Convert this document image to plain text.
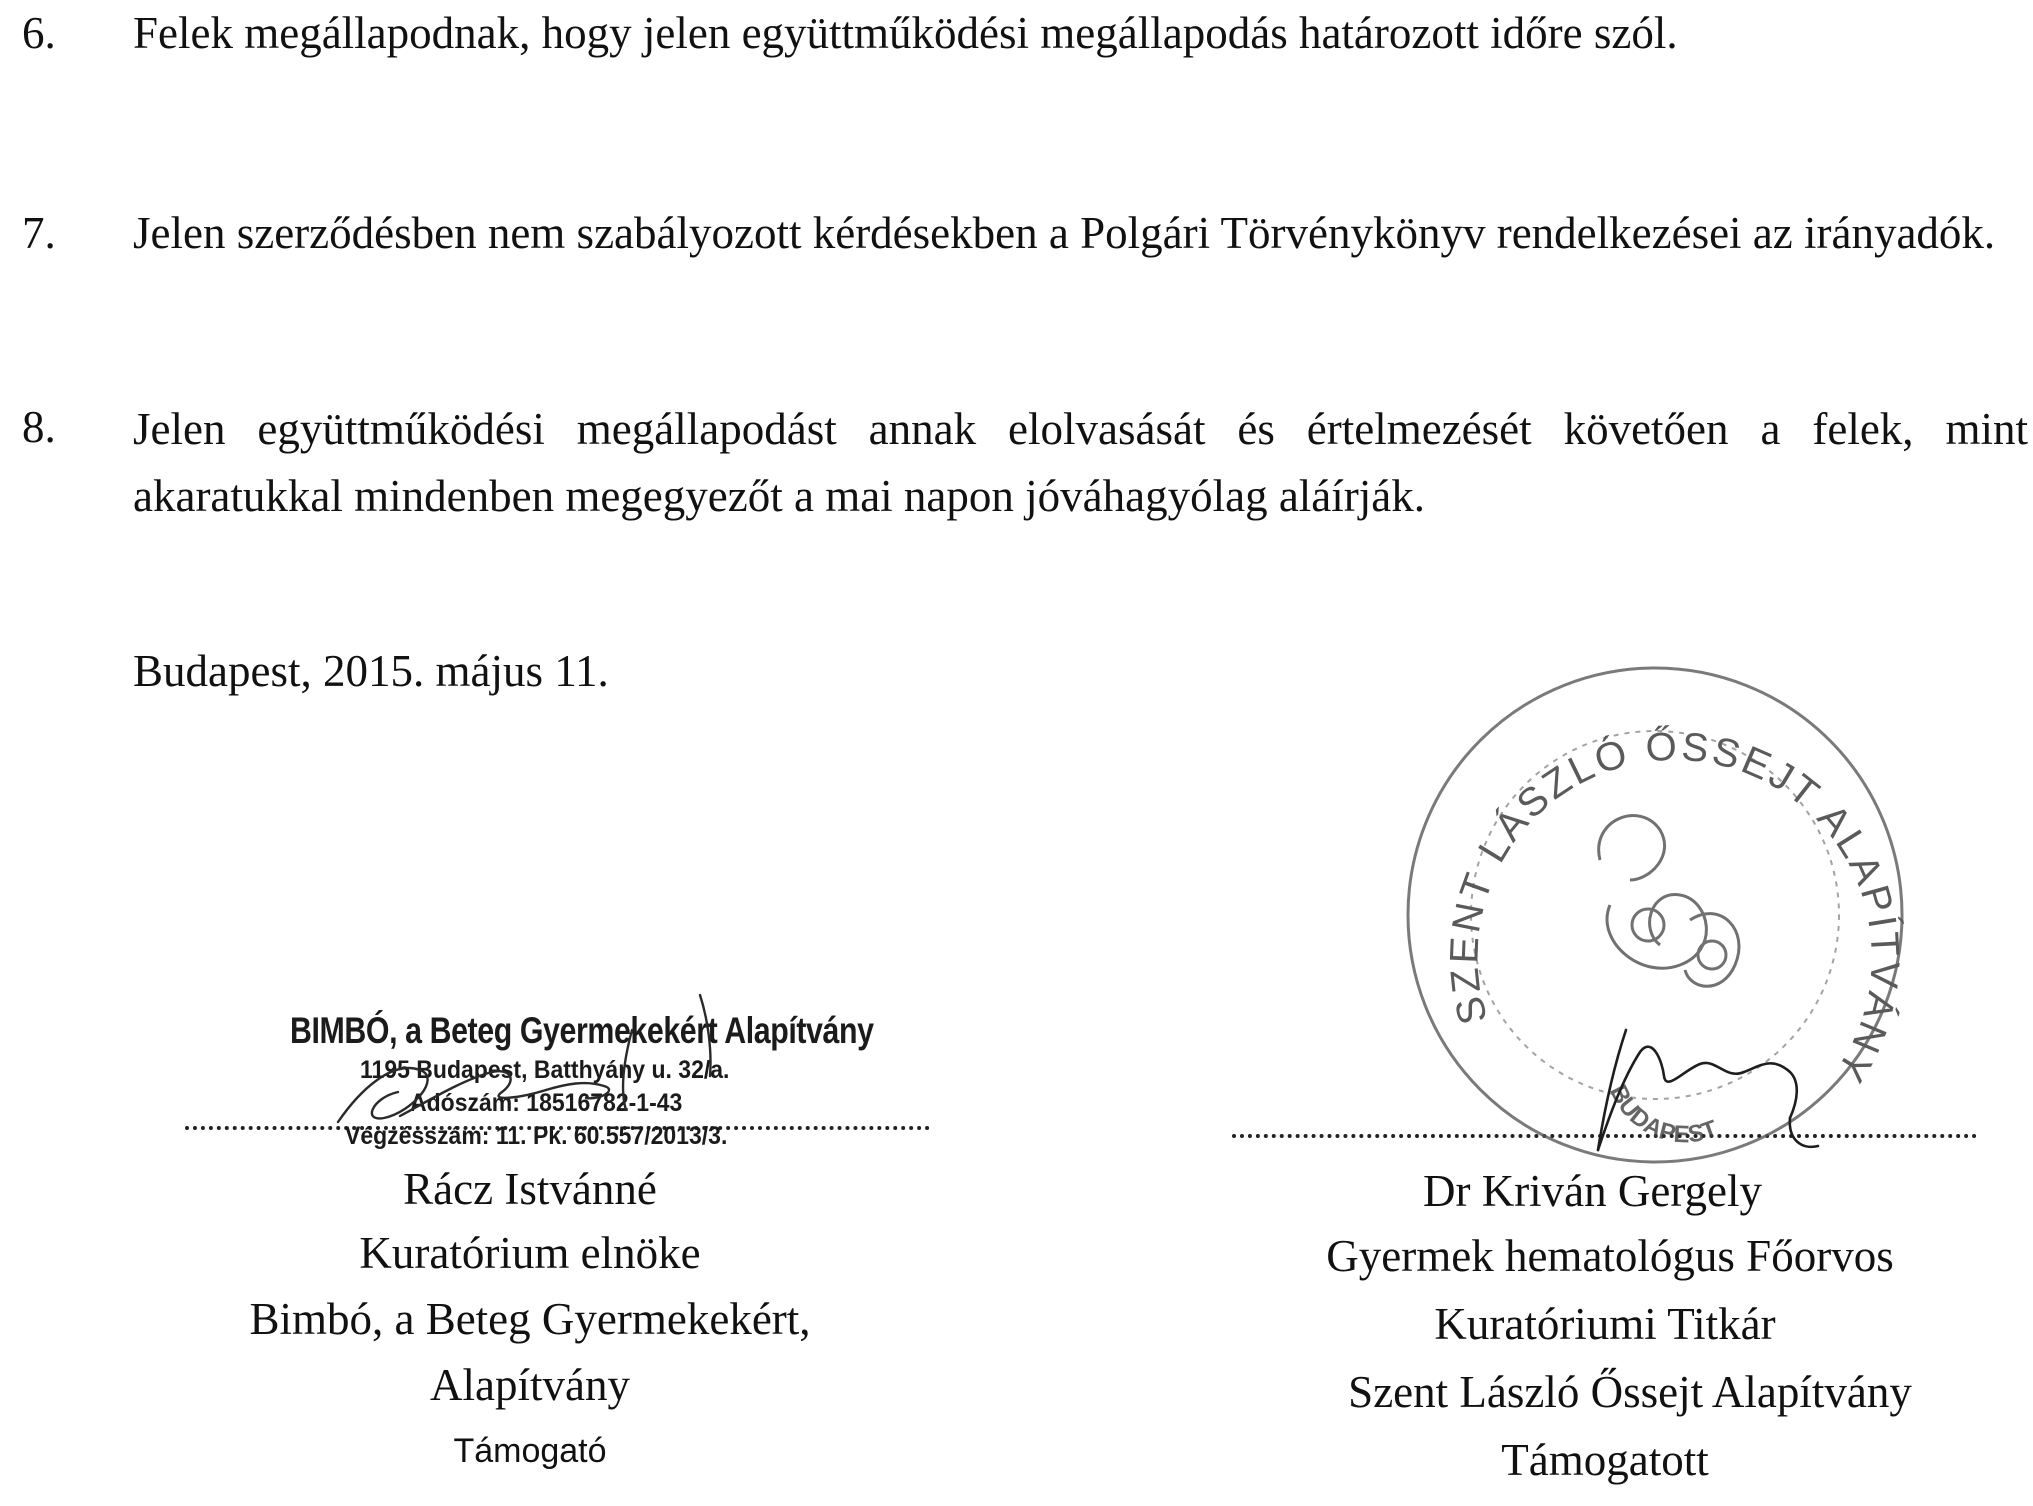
6. Felek megállapodnak, hogy jelen együttműködési megállapodás határozott időre szól.
7. Jelen szerződésben nem szabályozott kérdésekben a Polgári Törvénykönyv rendelkezései az irányadók.
8. Jelen együttműködési megállapodást annak elolvasását és értelmezését követően a felek, mint akaratukkal mindenben megegyezőt a mai napon jóváhagyólag aláírják.
Budapest, 2015. május 11.
BIMBÓ, a Beteg Gyermekekért Alapítvány
1195 Budapest, Batthyány u. 32/a.
Adószám: 18516782-1-43
Végzésszám: 11. Pk. 60.557/2013/3.
Rácz Istvánné
Kuratórium elnöke
Bimbó, a Beteg Gyermekekért,
Alapítvány
Támogató
Dr Kriván Gergely
Gyermek hematológus Főorvos
Kuratóriumi Titkár
Szent László Őssejt Alapítvány
Támogatott
SZENT LÁSZLÓ ŐSSEJT ALAPÍTVÁNY
BUDAPEST
